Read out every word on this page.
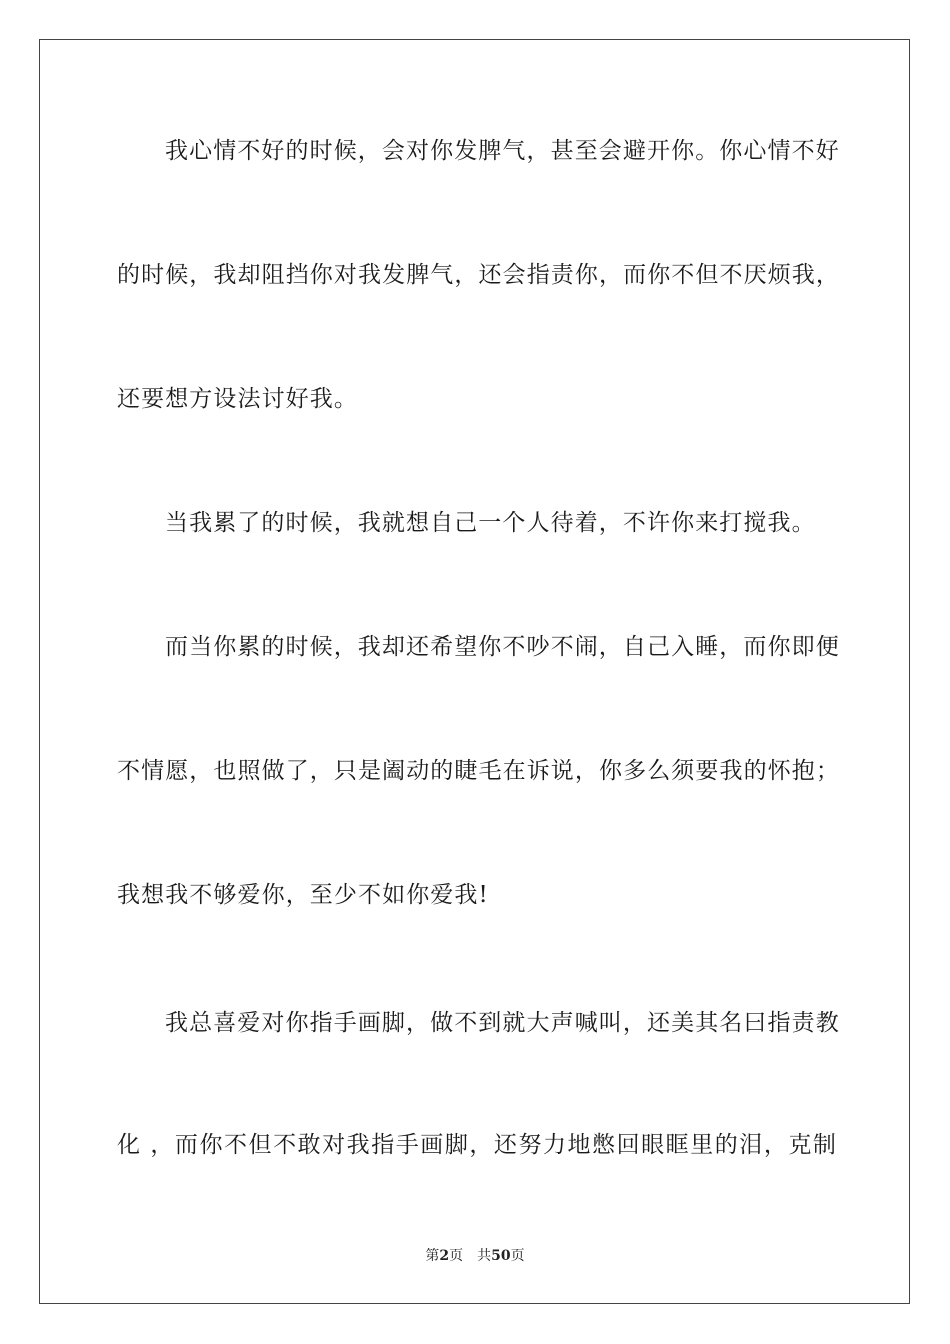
我心情不好的时候，会对你发脾气，甚至会避开你。你心情不好
的时候，我却阻挡你对我发脾气，还会指责你，而你不但不厌烦我，
还要想方设法讨好我。
当我累了的时候，我就想自己一个人待着，不许你来打搅我。
而当你累的时候，我却还希望你不吵不闹，自己入睡，而你即便
不情愿，也照做了，只是阖动的睫毛在诉说，你多么须要我的怀抱；
我想我不够爱你，至少不如你爱我!
我总喜爱对你指手画脚，做不到就大声喊叫，还美其名曰指责教
化 ，而你不但不敢对我指手画脚，还努力地憋回眼眶里的泪，克制
第2页 共50页
